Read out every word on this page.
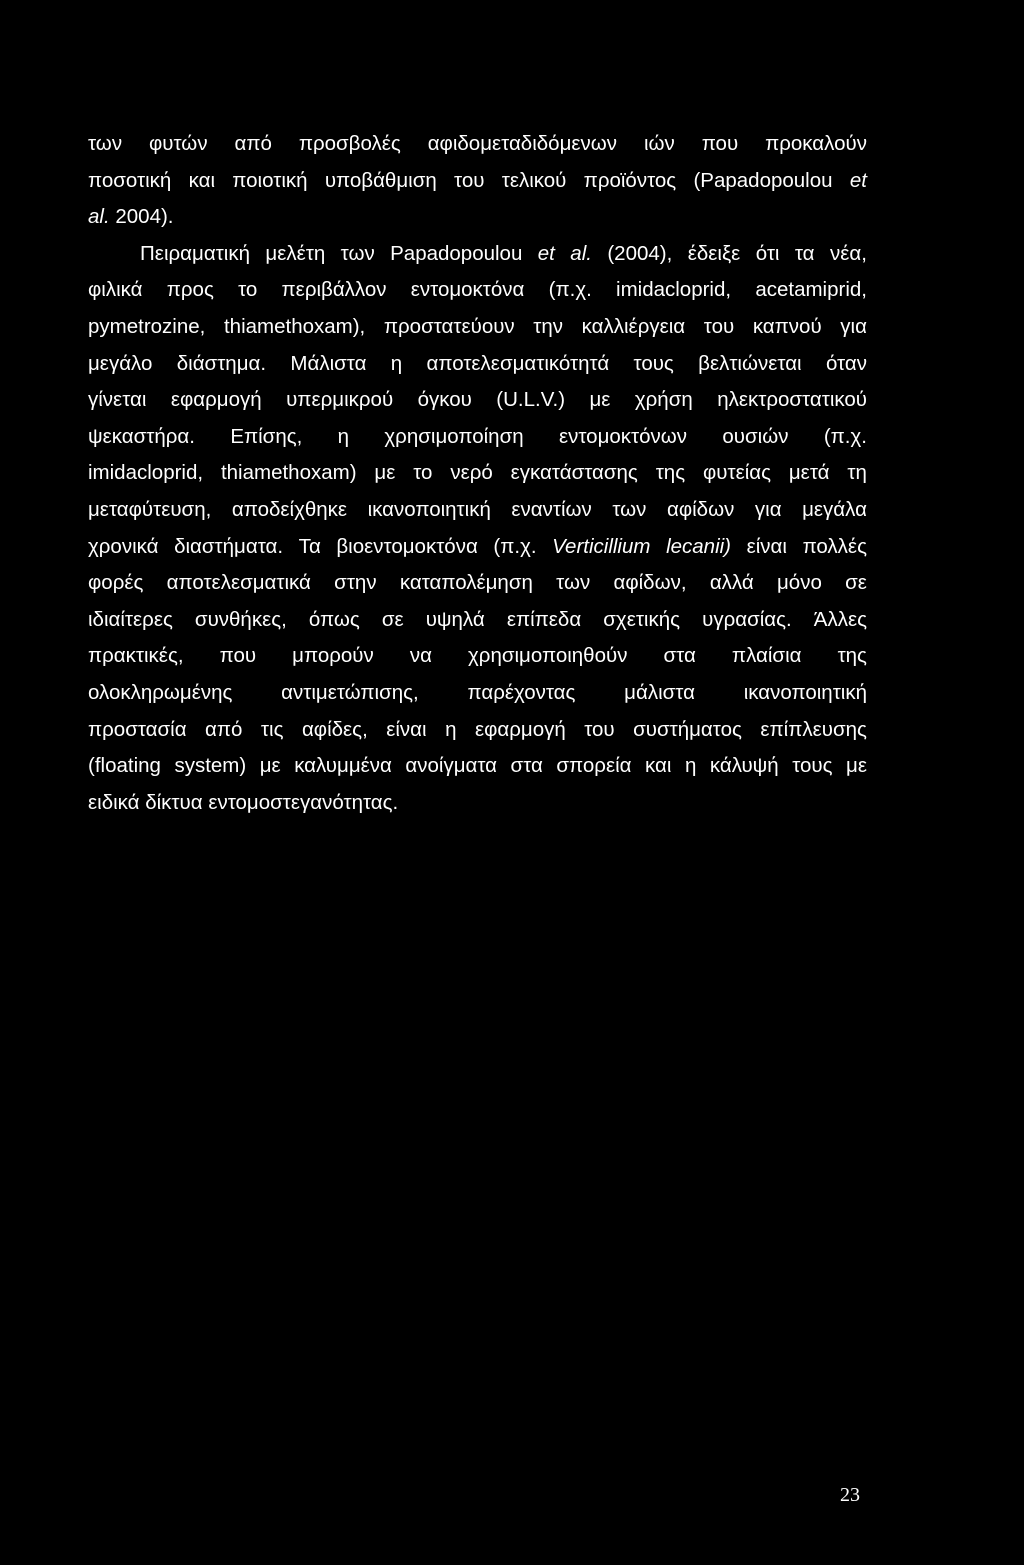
των φυτών από προσβολές αφιδομεταδιδόμενων ιών που προκαλούν
ποσοτική και ποιοτική υποβάθμιση του τελικού προϊόντος (Papadopoulou et
al. 2004).
Πειραματική μελέτη των Papadopoulou et al. (2004), έδειξε ότι τα νέα,
φιλικά προς το περιβάλλον εντομοκτόνα (π.χ. imidacloprid, acetamiprid,
pymetrozine, thiamethoxam), προστατεύουν την καλλιέργεια του καπνού για
μεγάλο διάστημα. Μάλιστα η αποτελεσματικότητά τους βελτιώνεται όταν
γίνεται εφαρμογή υπερμικρού όγκου (U.L.V.) με χρήση ηλεκτροστατικού
ψεκαστήρα. Επίσης, η χρησιμοποίηση εντομοκτόνων ουσιών (π.χ.
imidacloprid, thiamethoxam) με το νερό εγκατάστασης της φυτείας μετά τη
μεταφύτευση, αποδείχθηκε ικανοποιητική εναντίων των αφίδων για μεγάλα
χρονικά διαστήματα. Τα βιοεντομοκτόνα (π.χ. Verticillium lecanii) είναι πολλές
φορές αποτελεσματικά στην καταπολέμηση των αφίδων, αλλά μόνο σε
ιδιαίτερες συνθήκες, όπως σε υψηλά επίπεδα σχετικής υγρασίας. Άλλες
πρακτικές, που μπορούν να χρησιμοποιηθούν στα πλαίσια της
ολοκληρωμένης αντιμετώπισης, παρέχοντας μάλιστα ικανοποιητική
προστασία από τις αφίδες, είναι η εφαρμογή του συστήματος επίπλευσης
(floating system) με καλυμμένα ανοίγματα στα σπορεία και η κάλυψή τους με
ειδικά δίκτυα εντομοστεγανότητας.
23
